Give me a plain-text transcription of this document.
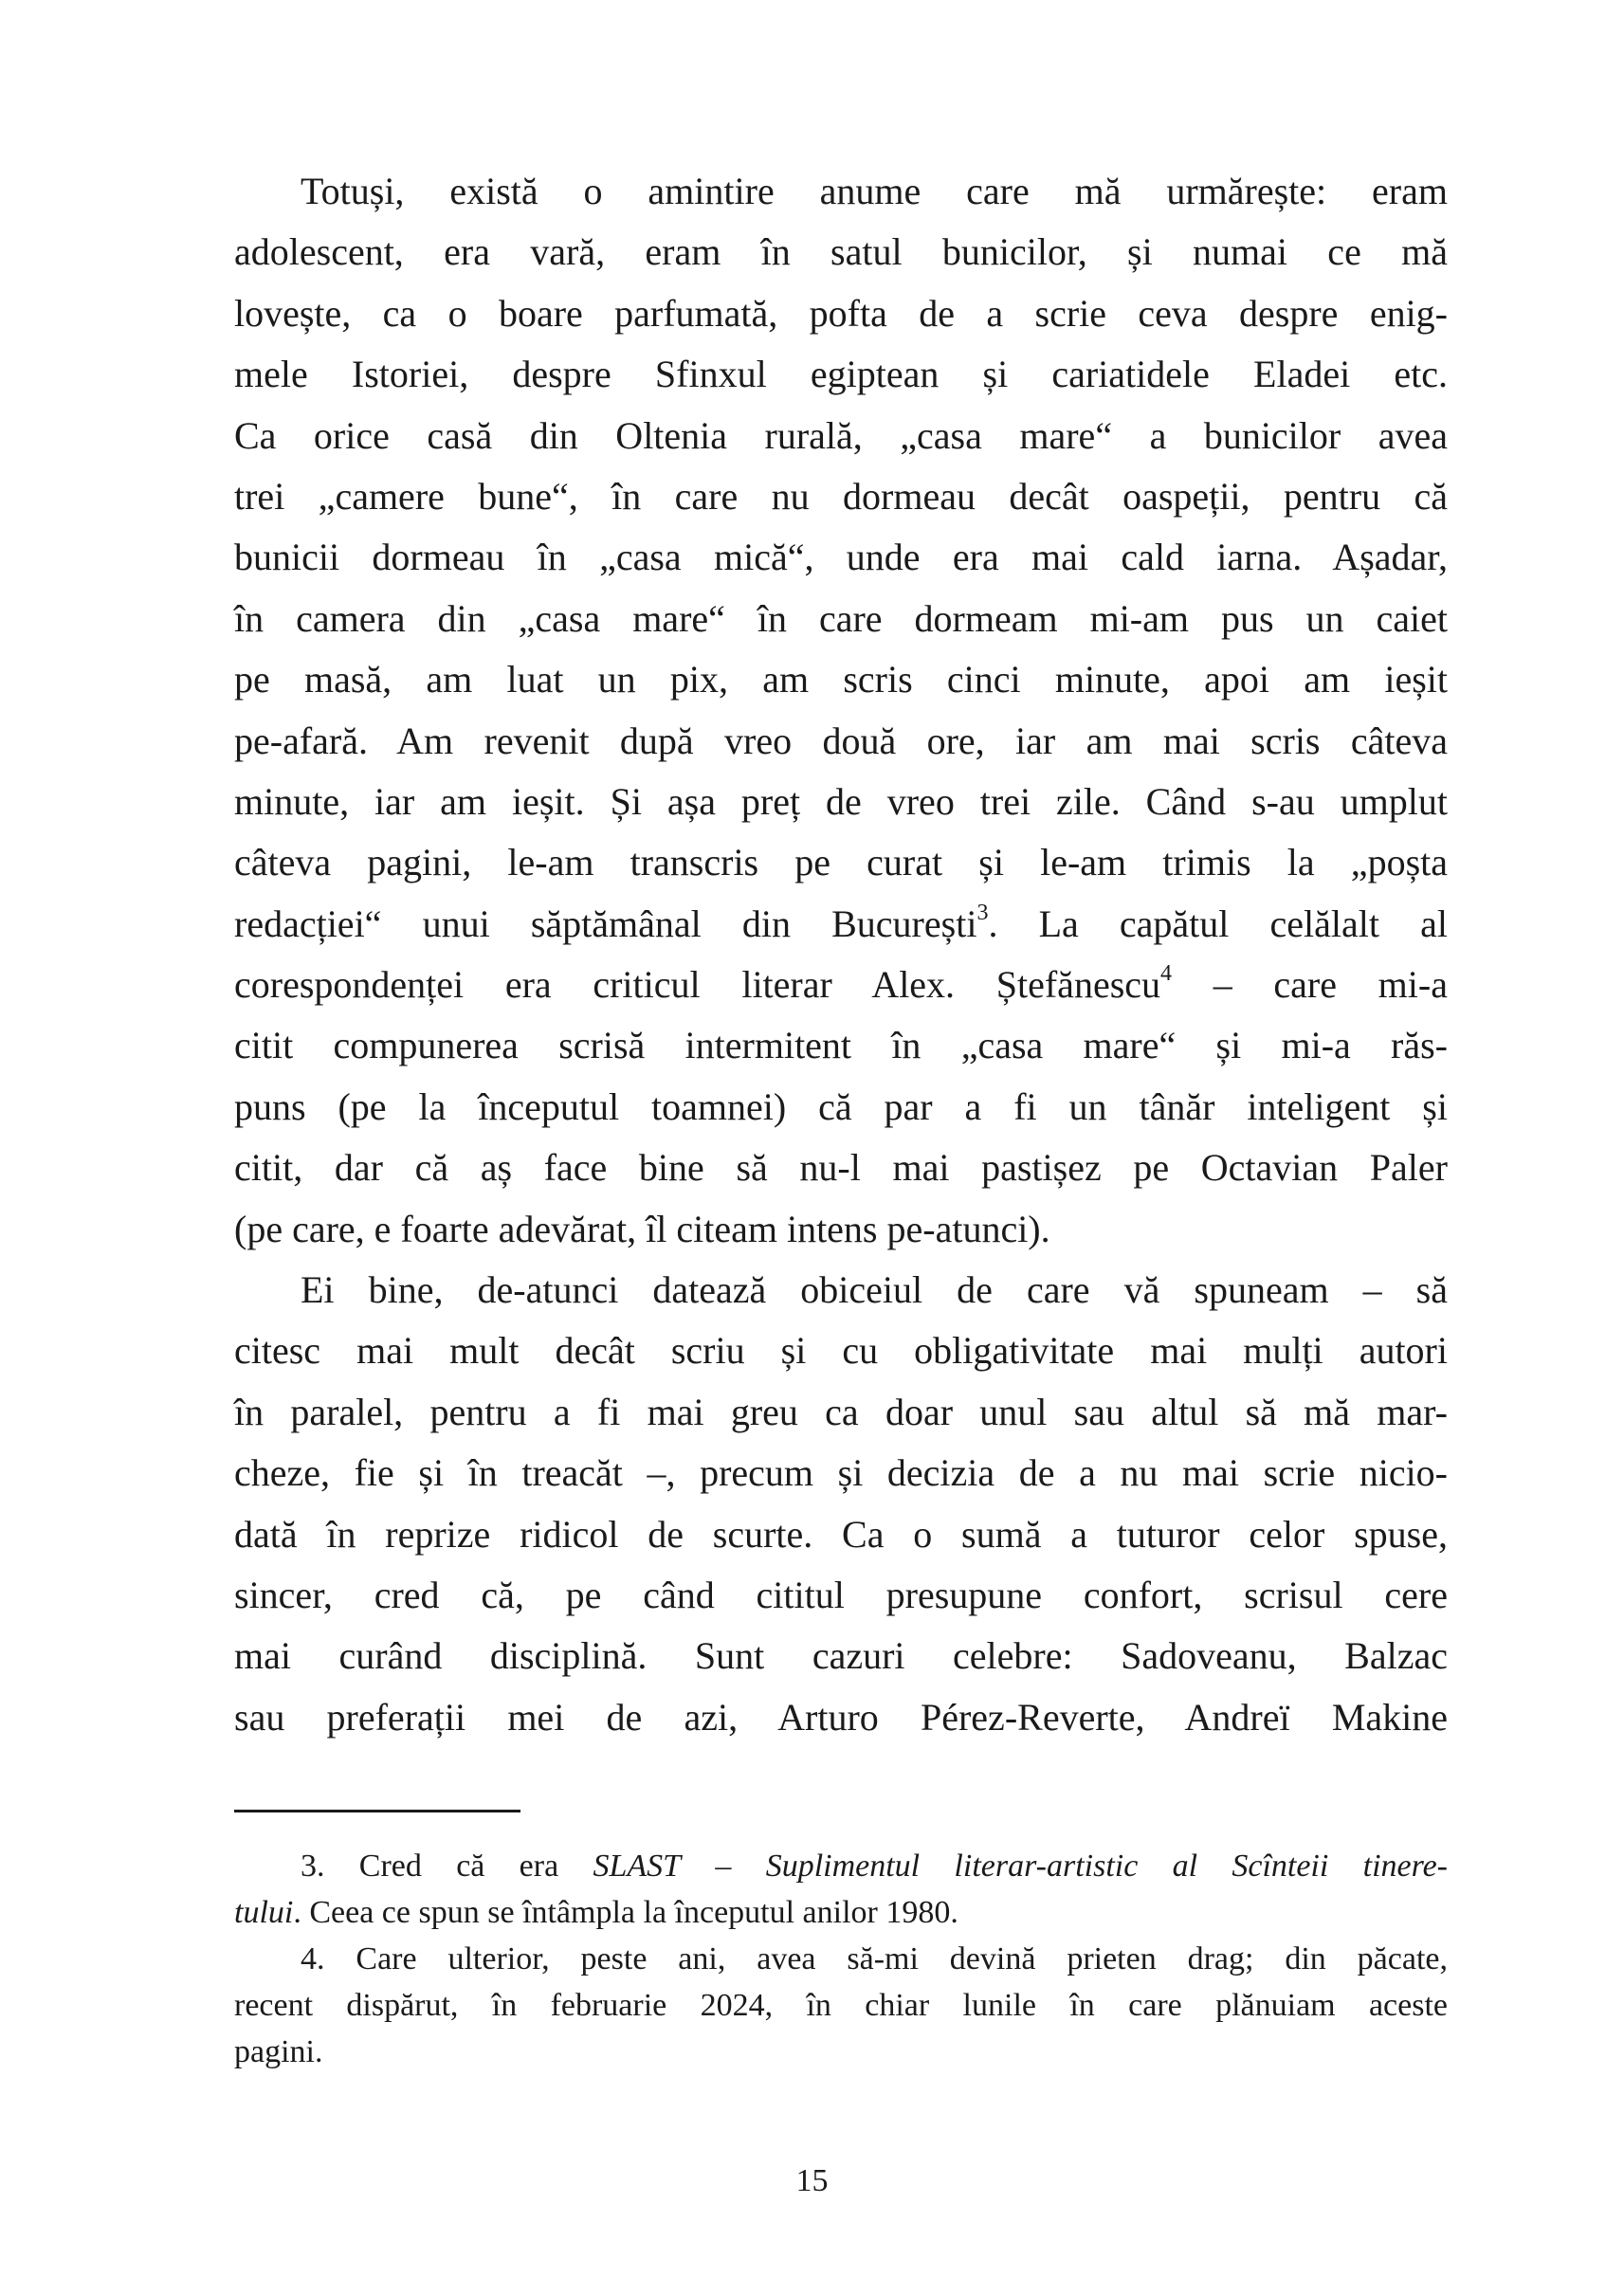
Totuși, există o amintire anume care mă urmărește: eram
adolescent, era vară, eram în satul bunicilor, și numai ce mă
lovește, ca o boare parfumată, pofta de a scrie ceva despre enig-
mele Istoriei, despre Sfinxul egiptean și cariatidele Eladei etc.
Ca orice casă din Oltenia rurală, „casa mare“ a bunicilor avea
trei „camere bune“, în care nu dormeau decât oaspeții, pentru că
bunicii dormeau în „casa mică“, unde era mai cald iarna. Așadar,
în camera din „casa mare“ în care dormeam mi-am pus un caiet
pe masă, am luat un pix, am scris cinci minute, apoi am ieșit
pe-afară. Am revenit după vreo două ore, iar am mai scris câteva
minute, iar am ieșit. Și așa preț de vreo trei zile. Când s-au umplut
câteva pagini, le-am transcris pe curat și le-am trimis la „poșta
redacției“ unui săptămânal din București$^3$. La capătul celălalt al
corespondenței era criticul literar Alex. Ștefănescu$^4$ – care mi-a
citit compunerea scrisă intermitent în „casa mare“ și mi-a răs-
puns (pe la începutul toamnei) că par a fi un tânăr inteligent și
citit, dar că aș face bine să nu-l mai pastișez pe Octavian Paler
(pe care, e foarte adevărat, îl citeam intens pe-atunci).
Ei bine, de-atunci datează obiceiul de care vă spuneam – să
citesc mai mult decât scriu și cu obligativitate mai mulți autori
în paralel, pentru a fi mai greu ca doar unul sau altul să mă mar-
cheze, fie și în treacăt –, precum și decizia de a nu mai scrie nicio-
dată în reprize ridicol de scurte. Ca o sumă a tuturor celor spuse,
sincer, cred că, pe când cititul presupune confort, scrisul cere
mai curând disciplină. Sunt cazuri celebre: Sadoveanu, Balzac
sau preferații mei de azi, Arturo Pérez-Reverte, Andreï Makine
3. Cred că era SLAST – Suplimentul literar-artistic al Scînteii tinere-
tului. Ceea ce spun se întâmpla la începutul anilor 1980.
4. Care ulterior, peste ani, avea să-mi devină prieten drag; din păcate,
recent dispărut, în februarie 2024, în chiar lunile în care plănuiam aceste
pagini.
15
